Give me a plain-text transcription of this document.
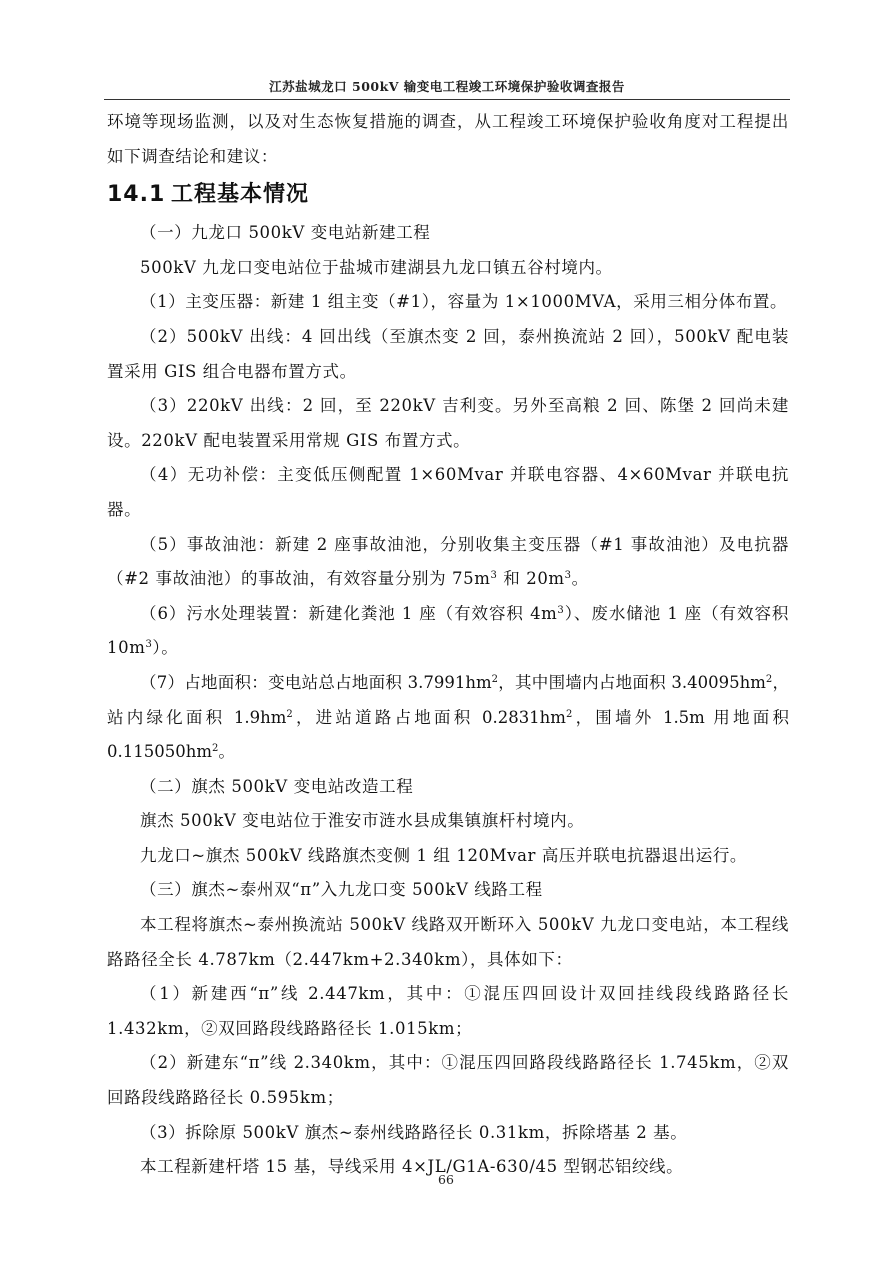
江苏盐城龙口 500kV 输变电工程竣工环境保护验收调查报告

环境等现场监测，以及对生态恢复措施的调查，从工程竣工环境保护验收角度对工程提出如下调查结论和建议：

14.1 工程基本情况

（一）九龙口 500kV 变电站新建工程

500kV 九龙口变电站位于盐城市建湖县九龙口镇五谷村境内。

（1）主变压器：新建 1 组主变（#1），容量为 1×1000MVA，采用三相分体布置。

（2）500kV 出线：4 回出线（至旗杰变 2 回，泰州换流站 2 回），500kV 配电装置采用 GIS 组合电器布置方式。

（3）220kV 出线：2 回，至 220kV 吉利变。另外至高粮 2 回、陈堡 2 回尚未建设。220kV 配电装置采用常规 GIS 布置方式。

（4）无功补偿：主变低压侧配置 1×60Mvar 并联电容器、4×60Mvar 并联电抗器。

（5）事故油池：新建 2 座事故油池，分别收集主变压器（#1 事故油池）及电抗器（#2 事故油池）的事故油，有效容量分别为 $75m^3$ 和 $20m^3$。

（6）污水处理装置：新建化粪池 1 座（有效容积 $4m^3$）、废水储池 1 座（有效容积 $10m^3$）。

（7）占地面积：变电站总占地面积 $3.7991hm^2$，其中围墙内占地面积 $3.40095hm^2$，站内绿化面积 $1.9hm^2$，进站道路占地面积 $0.2831hm^2$，围墙外 1.5m 用地面积 $0.115050hm^2$。

（二）旗杰 500kV 变电站改造工程

旗杰 500kV 变电站位于淮安市涟水县成集镇旗杆村境内。

九龙口~旗杰 500kV 线路旗杰变侧 1 组 120Mvar 高压并联电抗器退出运行。

（三）旗杰~泰州双“π”入九龙口变 500kV 线路工程

本工程将旗杰~泰州换流站 500kV 线路双开断环入 500kV 九龙口变电站，本工程线路路径全长 4.787km（2.447km+2.340km），具体如下：

（1）新建西“π”线 2.447km，其中：①混压四回设计双回挂线段线路路径长 1.432km，②双回路段线路路径长 1.015km；

（2）新建东“π”线 2.340km，其中：①混压四回路段线路路径长 1.745km，②双回路段线路路径长 0.595km；

（3）拆除原 500kV 旗杰~泰州线路路径长 0.31km，拆除塔基 2 基。

本工程新建杆塔 15 基，导线采用 4×JL/G1A-630/45 型钢芯铝绞线。

66
